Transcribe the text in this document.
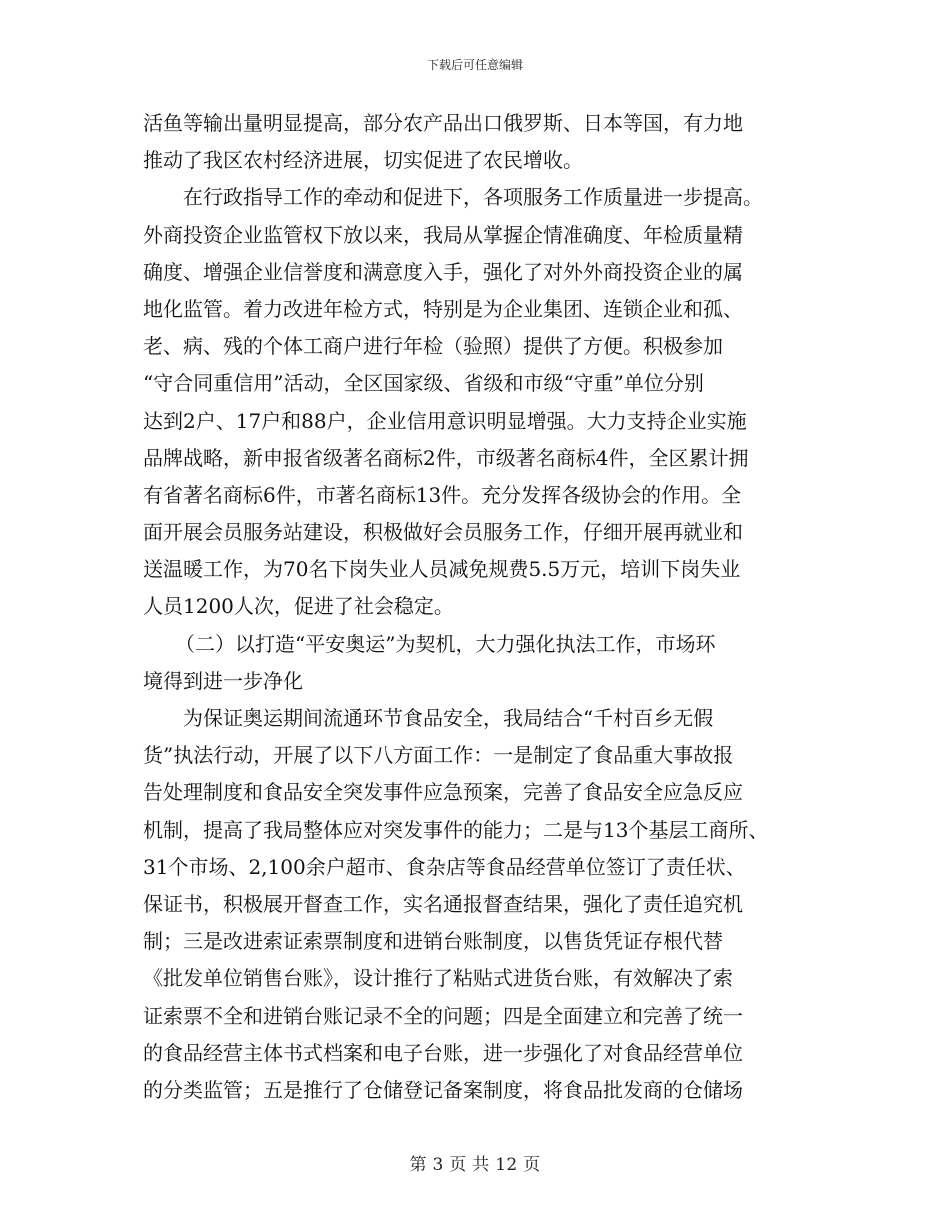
下载后可任意编辑
活鱼等输出量明显提高，部分农产品出口俄罗斯、日本等国，有力地
推动了我区农村经济进展，切实促进了农民增收。
在行政指导工作的牵动和促进下，各项服务工作质量进一步提高。
外商投资企业监管权下放以来，我局从掌握企情准确度、年检质量精
确度、增强企业信誉度和满意度入手，强化了对外外商投资企业的属
地化监管。着力改进年检方式，特别是为企业集团、连锁企业和孤、
老、病、残的个体工商户进行年检（验照）提供了方便。积极参加
“守合同重信用”活动，全区国家级、省级和市级“守重”单位分别
达到2户、17户和88户，企业信用意识明显增强。大力支持企业实施
品牌战略，新申报省级著名商标2件，市级著名商标4件，全区累计拥
有省著名商标6件，市著名商标13件。充分发挥各级协会的作用。全
面开展会员服务站建设，积极做好会员服务工作，仔细开展再就业和
送温暖工作，为70名下岗失业人员减免规费5.5万元，培训下岗失业
人员1200人次，促进了社会稳定。
（二）以打造“平安奥运”为契机，大力强化执法工作，市场环
境得到进一步净化
为保证奥运期间流通环节食品安全，我局结合“千村百乡无假
货”执法行动，开展了以下八方面工作：一是制定了食品重大事故报
告处理制度和食品安全突发事件应急预案，完善了食品安全应急反应
机制，提高了我局整体应对突发事件的能力；二是与13个基层工商所、
31个市场、2,100余户超市、食杂店等食品经营单位签订了责任状、
保证书，积极展开督查工作，实名通报督查结果，强化了责任追究机
制；三是改进索证索票制度和进销台账制度，以售货凭证存根代替
《批发单位销售台账》，设计推行了粘贴式进货台账，有效解决了索
证索票不全和进销台账记录不全的问题；四是全面建立和完善了统一
的食品经营主体书式档案和电子台账，进一步强化了对食品经营单位
的分类监管；五是推行了仓储登记备案制度，将食品批发商的仓储场
第 3 页 共 12 页
